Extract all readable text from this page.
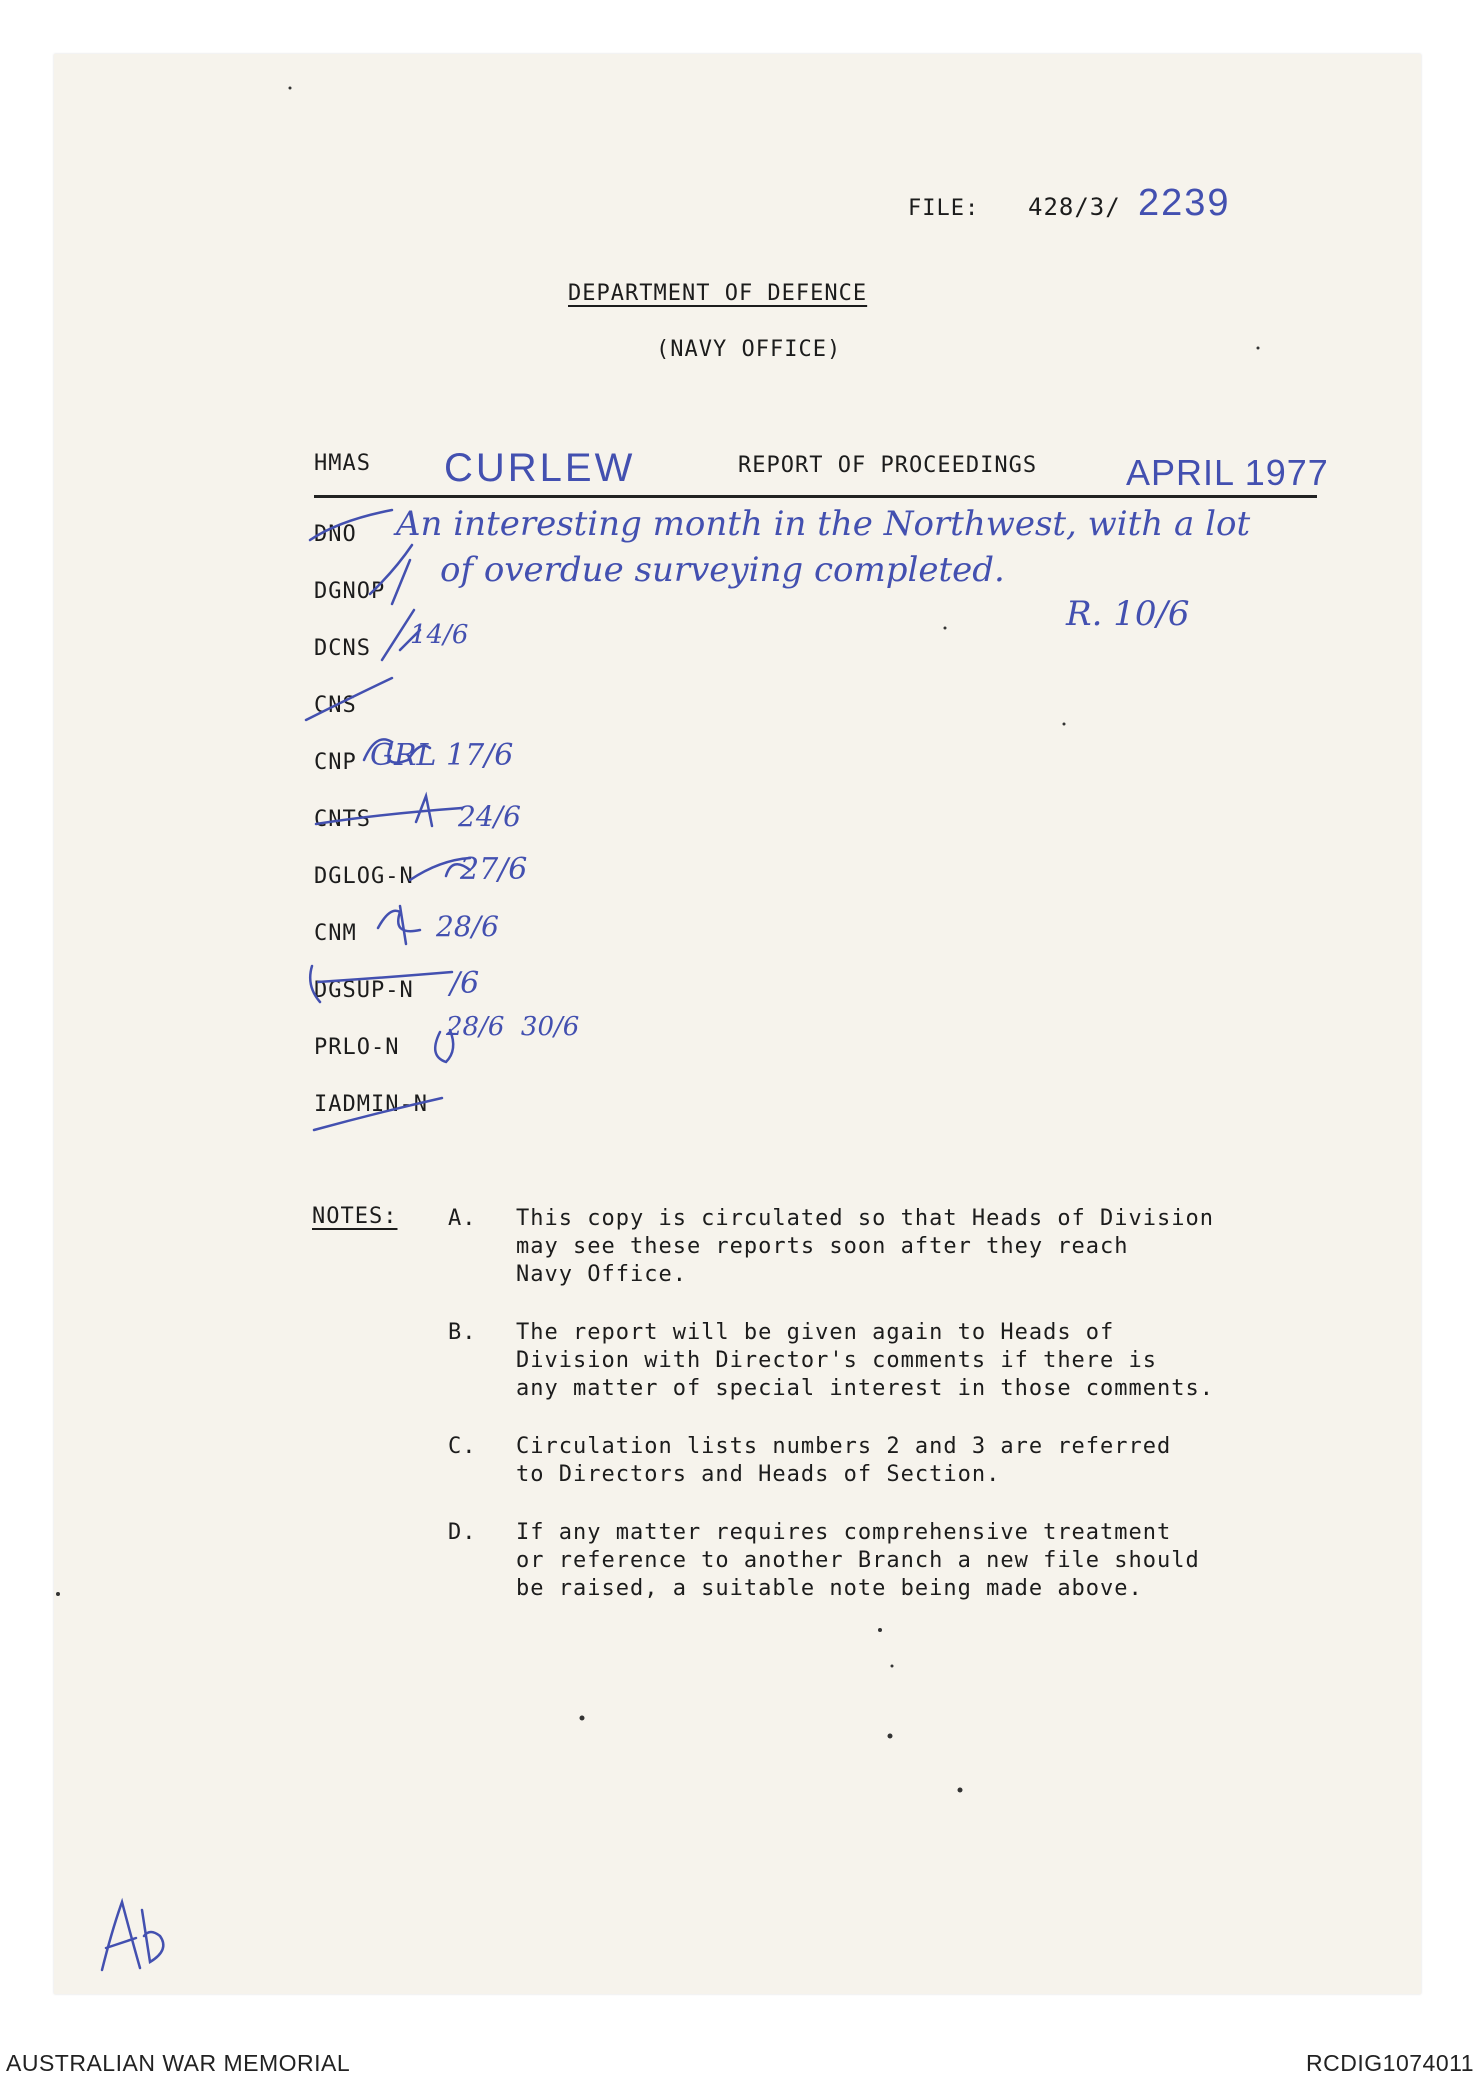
FILE: 428/3/ 2239
DEPARTMENT OF DEFENCE
(NAVY OFFICE)
HMAS CURLEW	REPORT OF PROCEEDINGS APRIL 1977
An interesting month in the Northwest, with a lot
of overdue surveying completed.
R. 10/6
DNO
DGNOP
DCNS 14/6
CNS
CNP GRL 17/6
CNTS	24/6
DGLOG-N 27/6
CNM	28/6
DGSUP-N /6
PRLO-N
28/6  30/6
IADMIN-N
NOTES: A. This copy is circulated so that Heads of Division
may see these reports soon after they reach
Navy Office.
B. The report will be given again to Heads of
Division with Director's comments if there is
any matter of special interest in those comments.
C. Circulation lists numbers 2 and 3 are referred
to Directors and Heads of Section.
D. If any matter requires comprehensive treatment
or reference to another Branch a new file should
be raised, a suitable note being made above.
AUSTRALIAN WAR MEMORIAL	RCDIG1074011
